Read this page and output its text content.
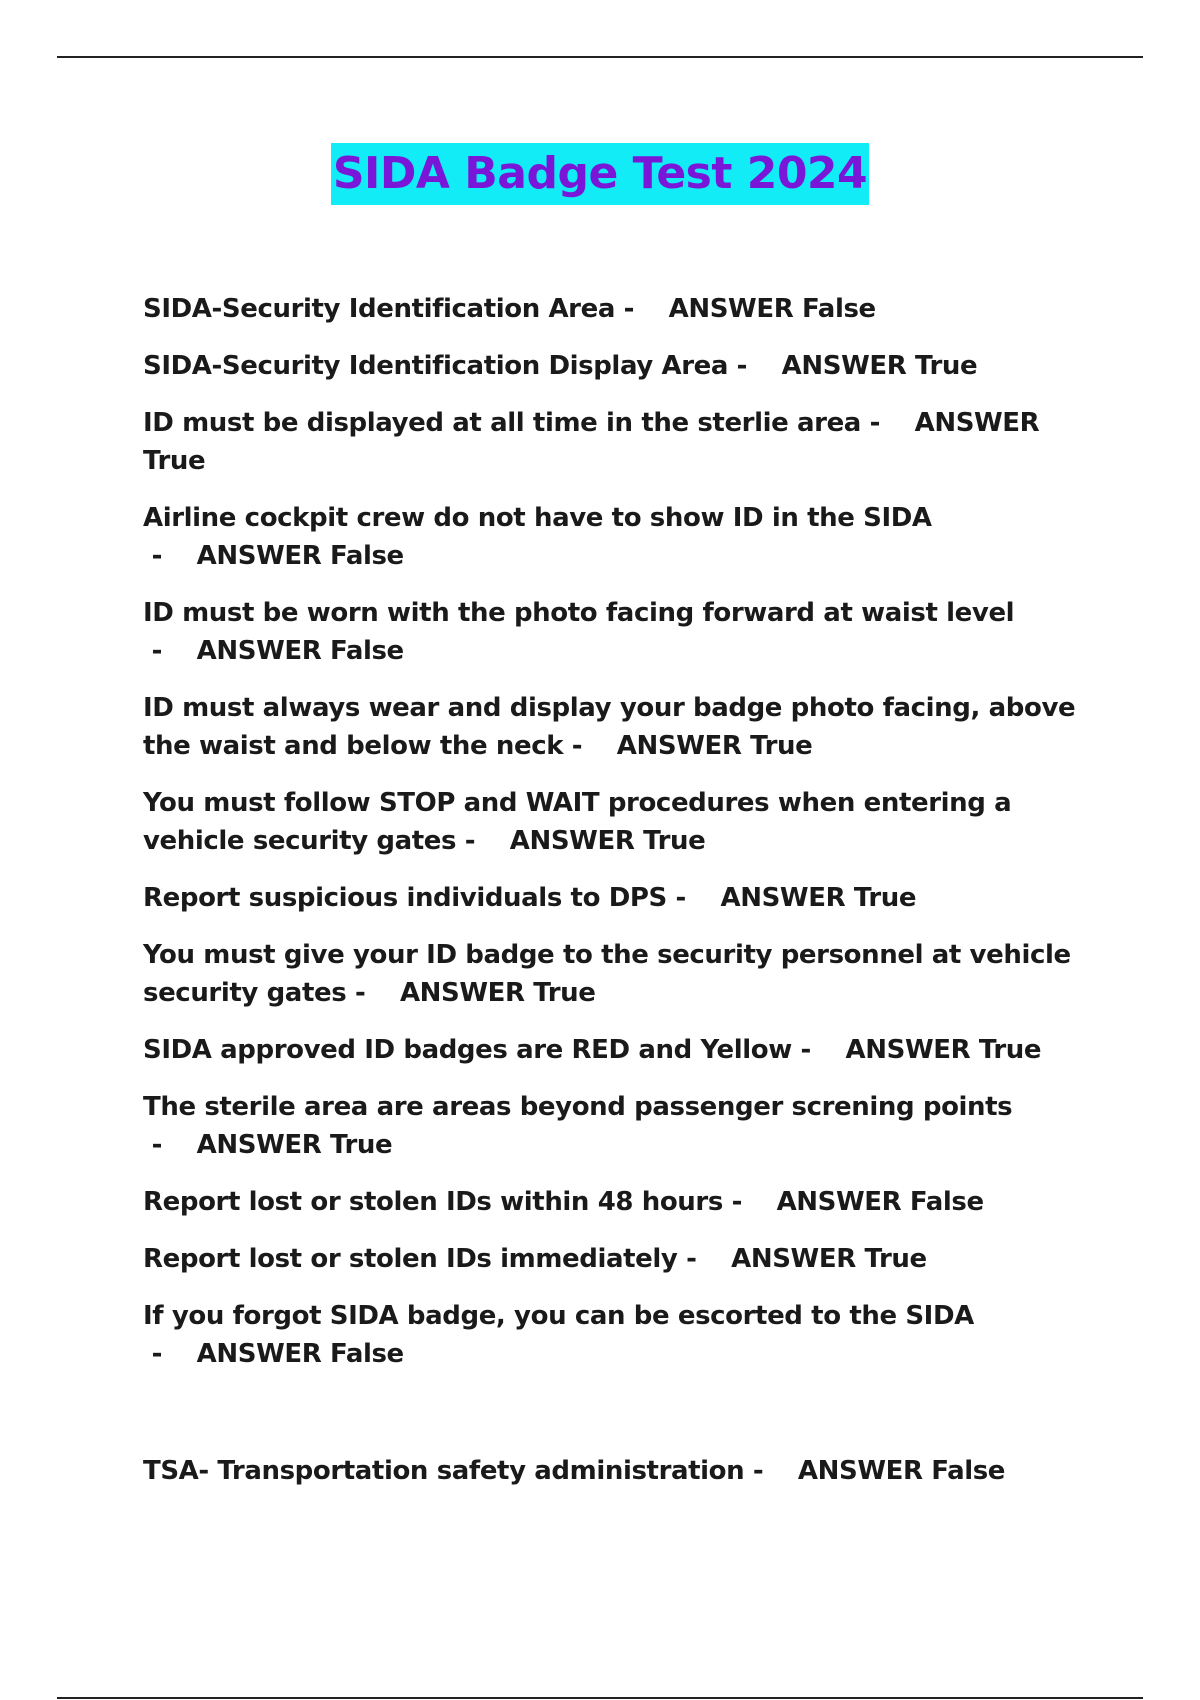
SIDA Badge Test 2024
SIDA-Security Identification Area -    ANSWER False
SIDA-Security Identification Display Area -    ANSWER True
ID must be displayed at all time in the sterlie area -    ANSWER True
Airline cockpit crew do not have to show ID in the SIDA -    ANSWER False
ID must be worn with the photo facing forward at waist level -    ANSWER False
ID must always wear and display your badge photo facing, above the waist and below the neck -    ANSWER True
You must follow STOP and WAIT procedures when entering a vehicle security gates -    ANSWER True
Report suspicious individuals to DPS -    ANSWER True
You must give your ID badge to the security personnel at vehicle security gates -    ANSWER True
SIDA approved ID badges are RED and Yellow -    ANSWER True
The sterile area are areas beyond passenger screning points -    ANSWER True
Report lost or stolen IDs within 48 hours -    ANSWER False
Report lost or stolen IDs immediately -    ANSWER True
If you forgot SIDA badge, you can be escorted to the SIDA -    ANSWER False
TSA- Transportation safety administration -    ANSWER False
